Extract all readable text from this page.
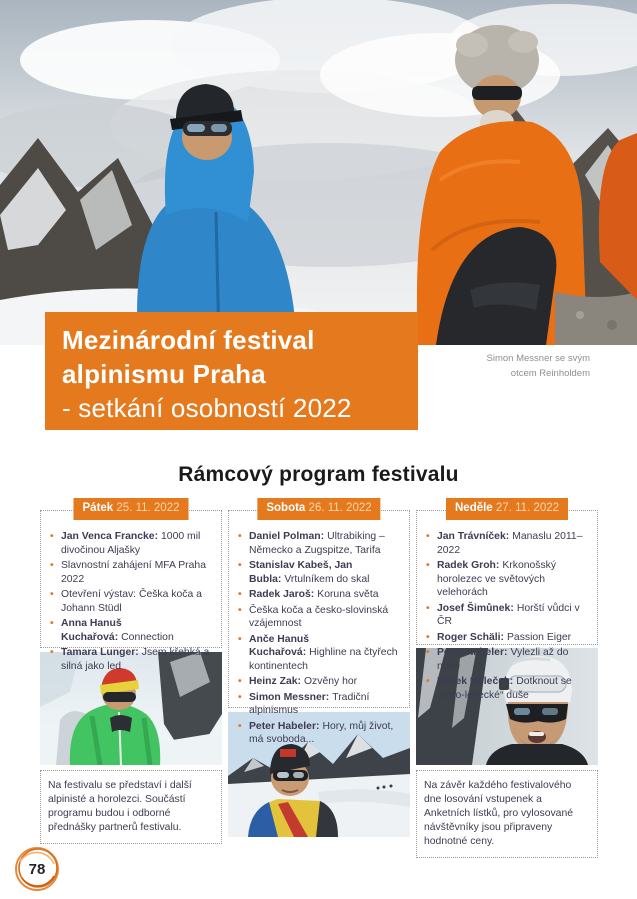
Mezinárodní festival
alpinismu Praha
- setkání osobností 2022
Simon Messner se svým
otcem Reinholdem
Rámcový program festivalu
Pátek 25. 11. 2022
• Jan Venca Francke: 1000 mil divočinou Aljašky
• Slavnostní zahájení MFA Praha 2022
• Otevření výstav: Češka koča a Johann Stüdl
• Anna Hanuš Kuchařová: Connection
• Tamara Lunger: Jsem křehká a silná jako led
Na festivalu se představí i další alpinisté a horolezci. Součástí programu budou i odborné přednášky partnerů festivalu.
Sobota 26. 11. 2022
• Daniel Polman: Ultrabiking – Německo a Zugspitze, Tarifa
• Stanislav Kabeš, Jan Bubla: Vrtulníkem do skal
• Radek Jaroš: Koruna světa
• Češka koča a česko-slovinská vzájemnost
• Anče Hanuš Kuchařová: Highline na čtyřech kontinentech
• Heinz Zak: Ozvěny hor
• Simon Messner: Tradiční alpinismus
• Peter Habeler: Hory, můj život, má svoboda...
Neděle 27. 11. 2022
• Jan Trávníček: Manaslu 2011–2022
• Radek Groh: Krkonošský horolezec ve světových velehorách
• Josef Šimůnek: Horští vůdci v ČR
• Roger Schäli: Passion Eiger
• Peter Habeler: Vylezli až do nebe
• Marek Holeček: Dotknout se „horo-lezecké“ duše
Na závěr každého festivalového dne losování vstupenek a Anketních lístků, pro vylosované návštěvníky jsou připraveny hodnotné ceny.
78
